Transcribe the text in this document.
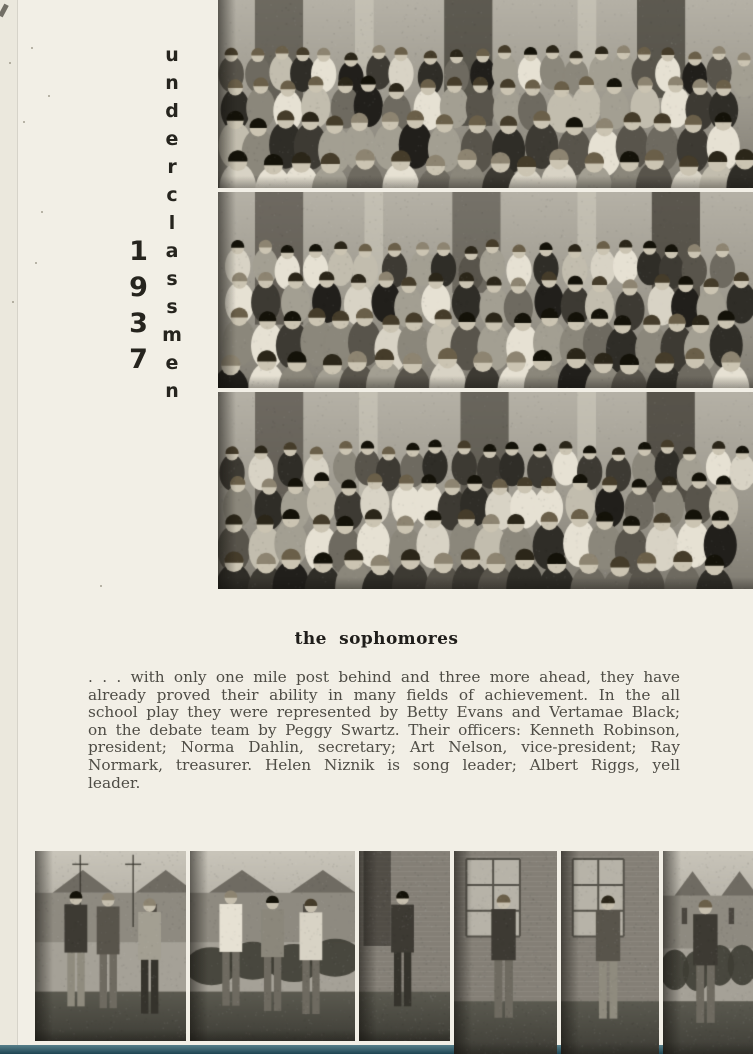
underclassmen
1937
the sophomores
. . . with only one mile post behind and three more ahead, they have already proved their ability in many fields of achievement. In the all school play they were represented by Betty Evans and Vertamae Black; on the debate team by Peggy Swartz. Their officers: Kenneth Robinson, president; Norma Dahlin, secretary; Art Nelson, vice-president; Ray Normark, treasurer. Helen Niznik is song leader; Albert Riggs, yell leader.
